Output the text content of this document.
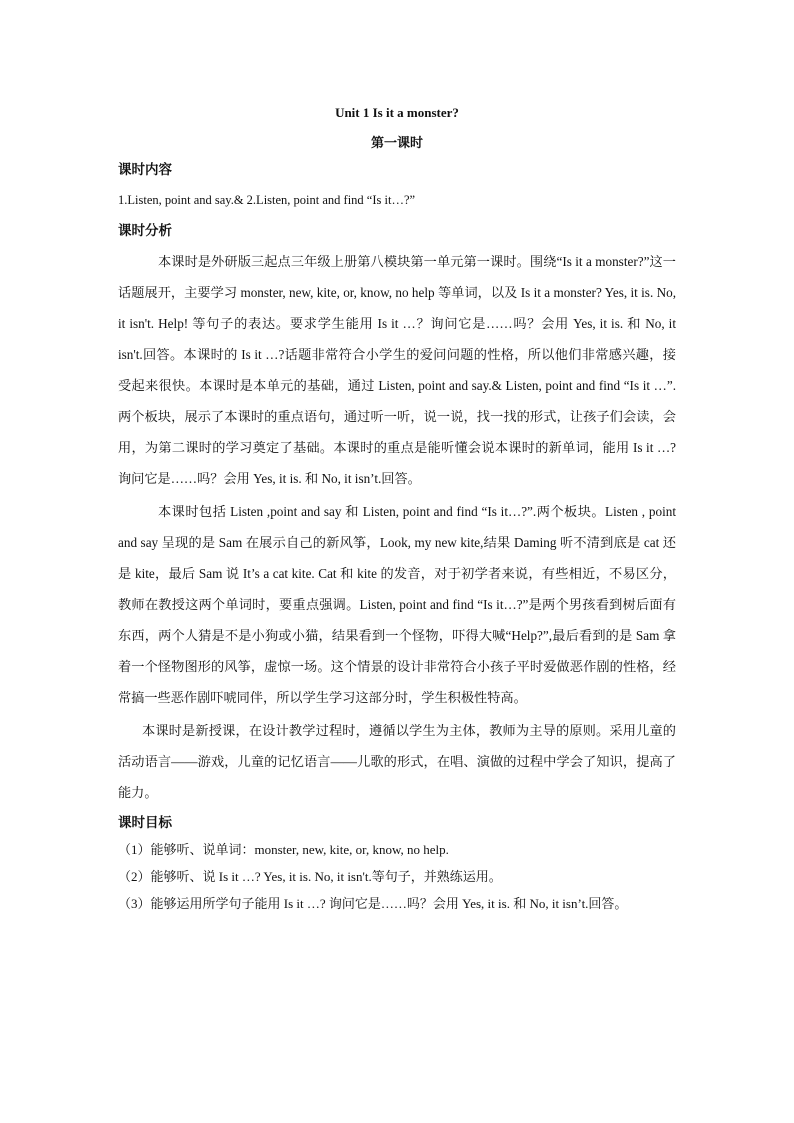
Unit 1 Is it a monster?
第一课时
课时内容
1.Listen, point and say.& 2.Listen, point and find “Is it…?”
课时分析

本课时是外研版三起点三年级上册第八模块第一单元第一课时。围绕“Is it a monster?”这一话题展开，主要学习 monster, new, kite, or, know, no help 等单词，以及 Is it a monster? Yes, it is. No, it isn't. Help! 等句子的表达。要求学生能用 Is it …？询问它是……吗？会用 Yes, it is. 和 No, it isn't.回答。本课时的 Is it …?话题非常符合小学生的爱问问题的性格，所以他们非常感兴趣，接受起来很快。本课时是本单元的基础，通过 Listen, point and say.& Listen, point and find “Is it …”.两个板块，展示了本课时的重点语句，通过听一听，说一说，找一找的形式，让孩子们会读，会用，为第二课时的学习奠定了基础。本课时的重点是能听懂会说本课时的新单词，能用 Is it …? 询问它是……吗？会用 Yes, it is. 和 No, it isn’t.回答。

本课时包括 Listen ,point and say 和 Listen, point and find “Is it…?”.两个板块。Listen , point and say 呈现的是 Sam 在展示自己的新风筝，Look, my new kite,结果 Daming 听不清到底是 cat 还是 kite，最后 Sam 说 It’s a cat kite. Cat 和 kite 的发音，对于初学者来说，有些相近，不易区分，教师在教授这两个单词时，要重点强调。Listen, point and find “Is it…?”是两个男孩看到树后面有东西，两个人猜是不是小狗或小猫，结果看到一个怪物，吓得大喊“Help?”,最后看到的是 Sam 拿着一个怪物图形的风筝，虚惊一场。这个情景的设计非常符合小孩子平时爱做恶作剧的性格，经常搞一些恶作剧吓唬同伴，所以学生学习这部分时，学生积极性特高。

本课时是新授课，在设计教学过程时，遵循以学生为主体，教师为主导的原则。采用儿童的活动语言——游戏，儿童的记忆语言——儿歌的形式，在唱、演做的过程中学会了知识，提高了能力。

课时目标

（1）能够听、说单词：monster, new, kite, or, know, no help.

（2）能够听、说 Is it …? Yes, it is. No, it isn't.等句子，并熟练运用。

（3）能够运用所学句子能用 Is it …? 询问它是……吗？会用 Yes, it is. 和 No, it isn’t.回答。
